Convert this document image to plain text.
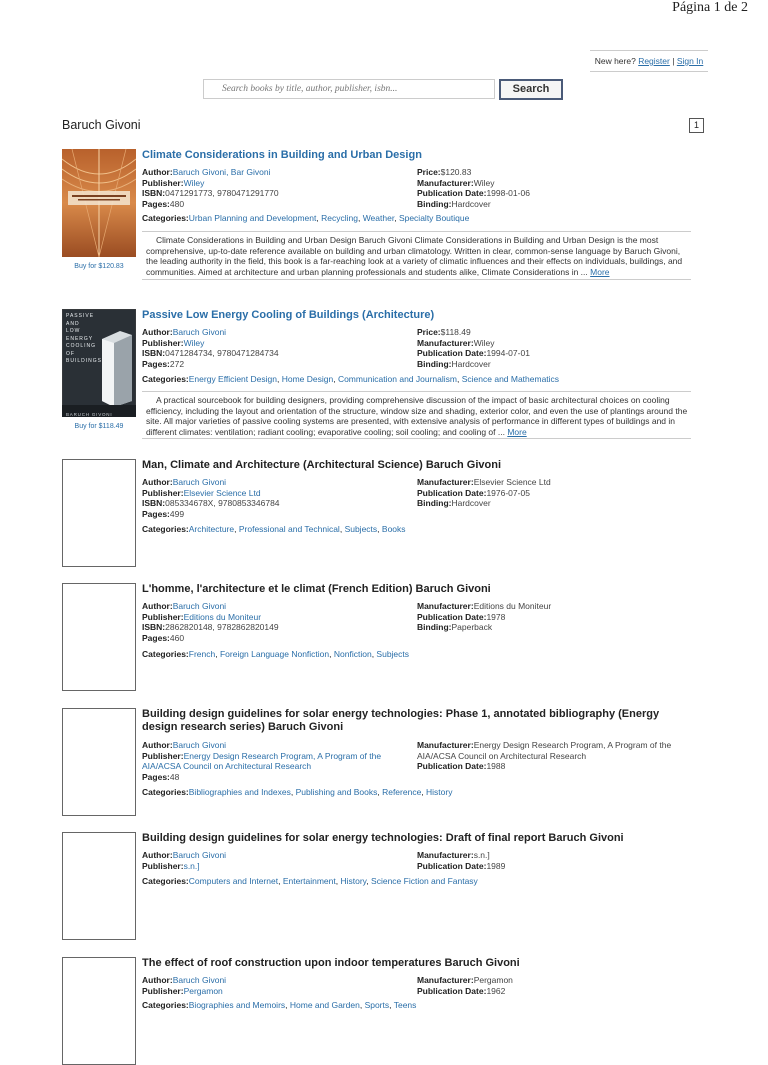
Página 1 de 2
New here? Register | Sign In
Search books by title, author, publisher, isbn...	Search
Baruch Givoni	1
Buy for $120.83
Climate Considerations in Building and Urban Design
Author:Baruch Givoni, Bar Givoni
Publisher:Wiley
ISBN:0471291773, 9780471291770
Pages:480
Price:$120.83
Manufacturer:Wiley
Publication Date:1998-01-06
Binding:Hardcover
Categories:Urban Planning and Development, Recycling, Weather, Specialty Boutique
Climate Considerations in Building and Urban Design Baruch Givoni Climate Considerations in Building and Urban Design is the most comprehensive, up-to-date reference available on building and urban climatology. Written in clear, common-sense language by Baruch Givoni, the leading authority in the field, this book is a far-reaching look at a variety of climatic influences and their effects on individuals, buildings, and communities. Aimed at architecture and urban planning professionals and students alike, Climate Considerations in ... More
PASSIVE
AND
LOW
ENERGY
COOLING
OF
BUILDINGS
BARUCH GIVONI
Buy for $118.49
Passive Low Energy Cooling of Buildings (Architecture)
Author:Baruch Givoni
Publisher:Wiley
ISBN:0471284734, 9780471284734
Pages:272
Price:$118.49
Manufacturer:Wiley
Publication Date:1994-07-01
Binding:Hardcover
Categories:Energy Efficient Design, Home Design, Communication and Journalism, Science and Mathematics
A practical sourcebook for building designers, providing comprehensive discussion of the impact of basic architectural choices on cooling efficiency, including the layout and orientation of the structure, window size and shading, exterior color, and even the use of plantings around the site. All major varieties of passive cooling systems are presented, with extensive analysis of performance in different types of buildings and in different climates: ventilation; radiant cooling; evaporative cooling; soil cooling; and cooling of ... More
Man, Climate and Architecture (Architectural Science) Baruch Givoni
Author:Baruch Givoni
Publisher:Elsevier Science Ltd
ISBN:085334678X, 9780853346784
Pages:499
Manufacturer:Elsevier Science Ltd
Publication Date:1976-07-05
Binding:Hardcover
Categories:Architecture, Professional and Technical, Subjects, Books
L'homme, l'architecture et le climat (French Edition) Baruch Givoni
Author:Baruch Givoni
Publisher:Editions du Moniteur
ISBN:2862820148, 9782862820149
Pages:460
Manufacturer:Editions du Moniteur
Publication Date:1978
Binding:Paperback
Categories:French, Foreign Language Nonfiction, Nonfiction, Subjects
Building design guidelines for solar energy technologies: Phase 1, annotated bibliography (Energy design research series) Baruch Givoni
Author:Baruch Givoni
Publisher:Energy Design Research Program, A Program of the AIA/ACSA Council on Architectural Research
Pages:48
Manufacturer:Energy Design Research Program, A Program of the AIA/ACSA Council on Architectural Research
Publication Date:1988
Categories:Bibliographies and Indexes, Publishing and Books, Reference, History
Building design guidelines for solar energy technologies: Draft of final report Baruch Givoni
Author:Baruch Givoni
Publisher:s.n.]
Manufacturer:s.n.]
Publication Date:1989
Categories:Computers and Internet, Entertainment, History, Science Fiction and Fantasy
The effect of roof construction upon indoor temperatures Baruch Givoni
Author:Baruch Givoni
Publisher:Pergamon
Manufacturer:Pergamon
Publication Date:1962
Categories:Biographies and Memoirs, Home and Garden, Sports, Teens
